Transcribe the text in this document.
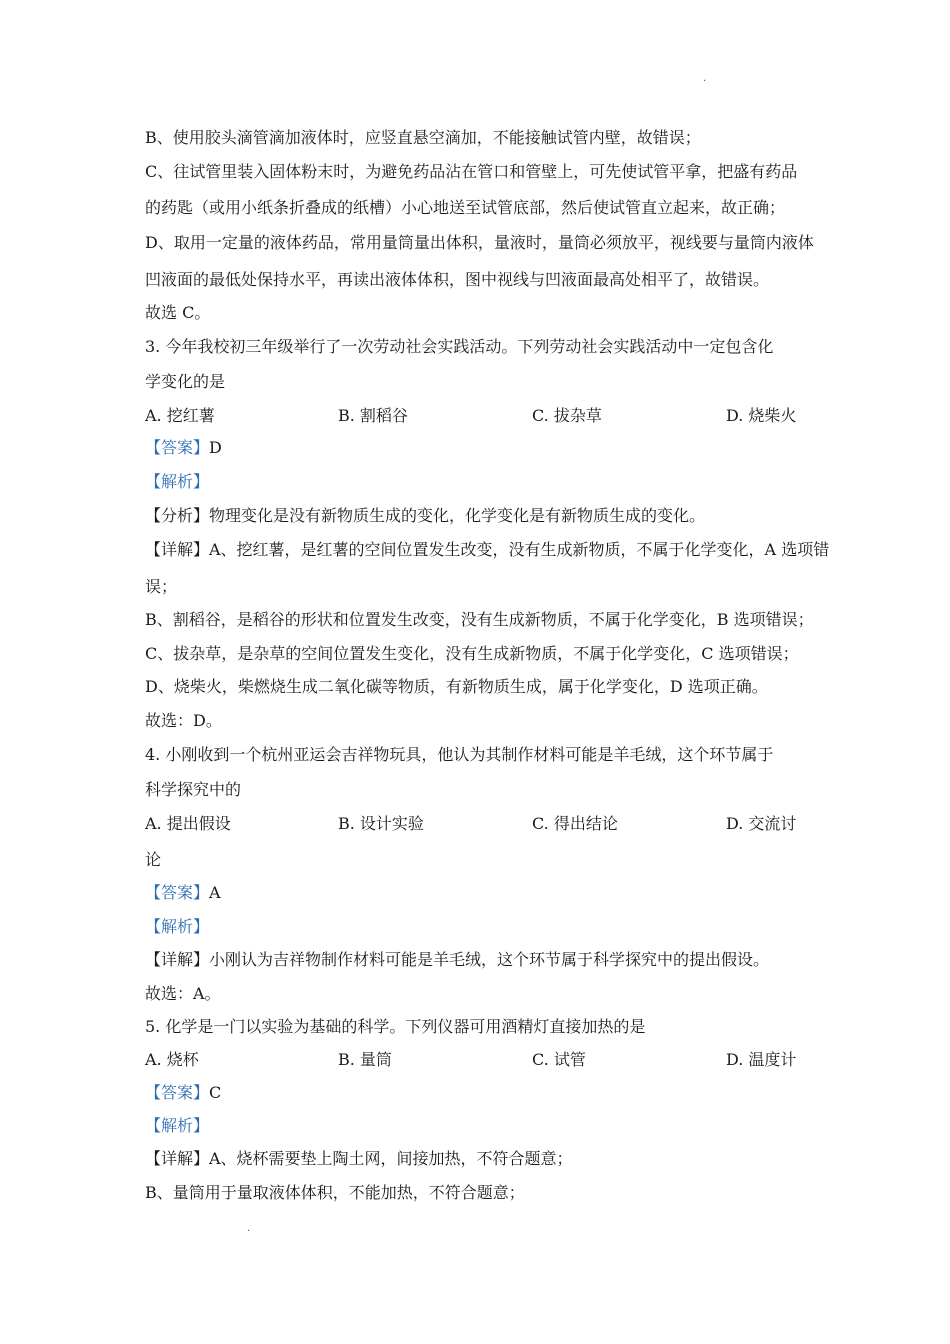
·
B、使用胶头滴管滴加液体时，应竖直悬空滴加，不能接触试管内壁，故错误；
C、往试管里装入固体粉末时，为避免药品沾在管口和管壁上，可先使试管平拿，把盛有药品
的药匙（或用小纸条折叠成的纸槽）小心地送至试管底部，然后使试管直立起来，故正确；
D、取用一定量的液体药品，常用量筒量出体积，量液时，量筒必须放平，视线要与量筒内液体
凹液面的最低处保持水平，再读出液体体积，图中视线与凹液面最高处相平了，故错误。
故选 C。
3. 今年我校初三年级举行了一次劳动社会实践活动。下列劳动社会实践活动中一定包含化
学变化的是
A. 挖红薯	B. 割稻谷	C. 拔杂草	D. 烧柴火
【答案】D
【解析】
【分析】物理变化是没有新物质生成的变化，化学变化是有新物质生成的变化。
【详解】A、挖红薯，是红薯的空间位置发生改变，没有生成新物质，不属于化学变化，A 选项错
误；
B、割稻谷，是稻谷的形状和位置发生改变，没有生成新物质，不属于化学变化，B 选项错误；
C、拔杂草，是杂草的空间位置发生变化，没有生成新物质，不属于化学变化，C 选项错误；
D、烧柴火，柴燃烧生成二氧化碳等物质，有新物质生成，属于化学变化，D 选项正确。
故选：D。
4. 小刚收到一个杭州亚运会吉祥物玩具，他认为其制作材料可能是羊毛绒，这个环节属于
科学探究中的
A. 提出假设	B. 设计实验	C. 得出结论	D. 交流讨
论
【答案】A
【解析】
【详解】小刚认为吉祥物制作材料可能是羊毛绒，这个环节属于科学探究中的提出假设。
故选：A。
5. 化学是一门以实验为基础的科学。下列仪器可用酒精灯直接加热的是
A. 烧杯	B. 量筒	C. 试管	D. 温度计
【答案】C
【解析】
【详解】A、烧杯需要垫上陶土网，间接加热，不符合题意；
B、量筒用于量取液体体积，不能加热，不符合题意；
·
